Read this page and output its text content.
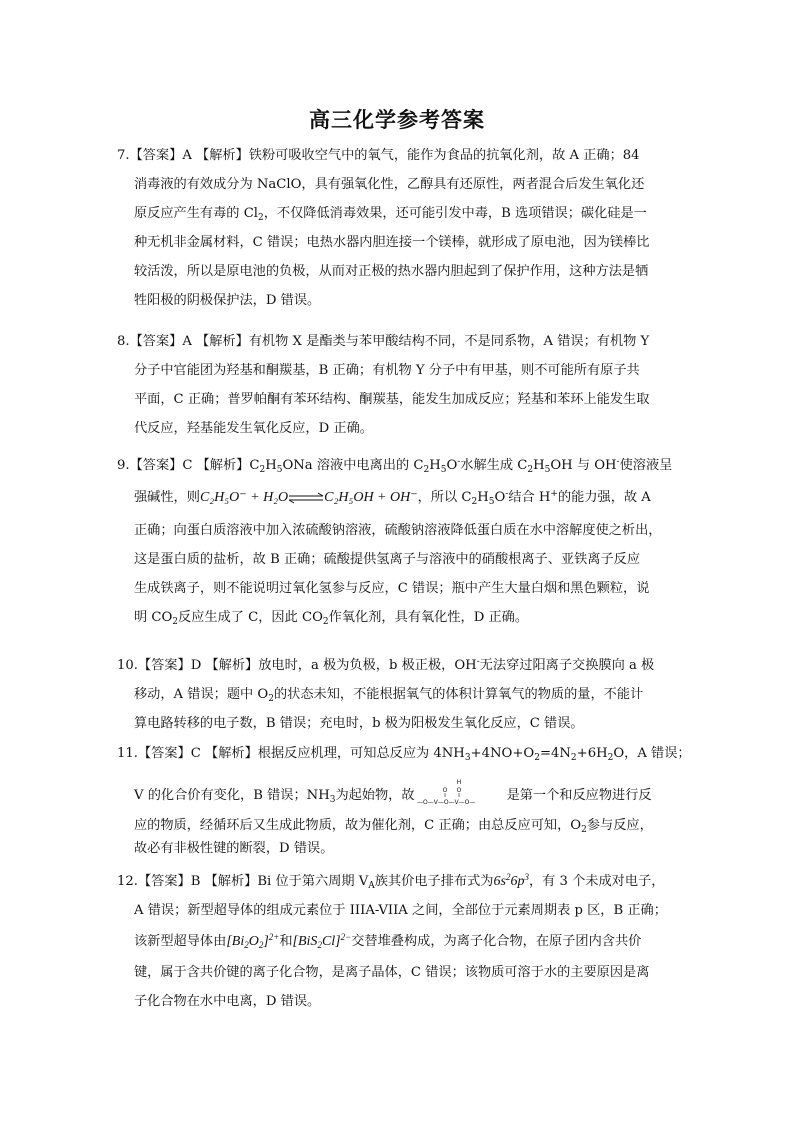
高三化学参考答案
7.【答案】A 【解析】铁粉可吸收空气中的氧气，能作为食品的抗氧化剂，故 A 正确；84
消毒液的有效成分为 NaClO，具有强氧化性，乙醇具有还原性，两者混合后发生氧化还
原反应产生有毒的 $Cl_2$，不仅降低消毒效果，还可能引发中毒，B 选项错误；碳化硅是一
种无机非金属材料，C 错误；电热水器内胆连接一个镁棒，就形成了原电池，因为镁棒比
较活泼，所以是原电池的负极，从而对正极的热水器内胆起到了保护作用，这种方法是牺
牲阳极的阴极保护法，D 错误。
8.【答案】A 【解析】有机物 X 是酯类与苯甲酸结构不同，不是同系物，A 错误；有机物 Y
分子中官能团为羟基和酮羰基，B 正确；有机物 Y 分子中有甲基，则不可能所有原子共
平面，C 正确；普罗帕酮有苯环结构、酮羰基，能发生加成反应；羟基和苯环上能发生取
代反应，羟基能发生氧化反应，D 正确。
9.【答案】C 【解析】$C_2H_5ONa$ 溶液中电离出的 $C_2H_5O^-$水解生成 $C_2H_5OH$ 与 OH-使溶液呈
强碱性，则C₂H₅O⁻ + H₂O⇌C₂H₅OH + OH⁻，所以 $C_2H_5O^-$结合 H+的能力强，故 A
正确；向蛋白质溶液中加入浓硫酸钠溶液，硫酸钠溶液降低蛋白质在水中溶解度使之析出，
这是蛋白质的盐析，故 B 正确；硫酸提供氢离子与溶液中的硝酸根离子、亚铁离子反应
生成铁离子，则不能说明过氧化氢参与反应，C 错误；瓶中产生大量白烟和黑色颗粒，说
明 $CO_2$反应生成了 C，因此 $CO_2$作氧化剂，具有氧化性，D 正确。
10.【答案】D 【解析】放电时，a 极为负极，b 极正极，OH-无法穿过阳离子交换膜向 a 极
移动，A 错误；题中 $O_2$的状态未知，不能根据氧气的体积计算氧气的物质的量，不能计
算电路转移的电子数，B 错误；充电时，b 极为阳极发生氧化反应，C 错误。
11.【答案】C 【解析】根据反应机理，可知总反应为 $4NH_3+4NO+O_2=4N_2+6H_2O$，A 错误；
V 的化合价有变化，B 错误；$NH_3$为起始物，故
H
O
O
—O—V—O—V—O— 是第一个和反应物进行反
应的物质，经循环后又生成此物质，故为催化剂，C 正确；由总反应可知，$O_2$参与反应，
故必有非极性键的断裂，D 错误。
12.【答案】B 【解析】Bi 位于第六周期 $V_A$族其价电子排布式为$6s^26p^3$，有 3 个未成对电子，
A 错误；新型超导体的组成元素位于 IIIA-VIIA 之间，全部位于元素周期表 p 区，B 正确；
该新型超导体由$[Bi_2O_2]^{2+}$和$[BiS_2Cl]^{2-}$交替堆叠构成，为离子化合物，在原子团内含共价
键，属于含共价键的离子化合物，是离子晶体，C 错误；该物质可溶于水的主要原因是离
子化合物在水中电离，D 错误。
